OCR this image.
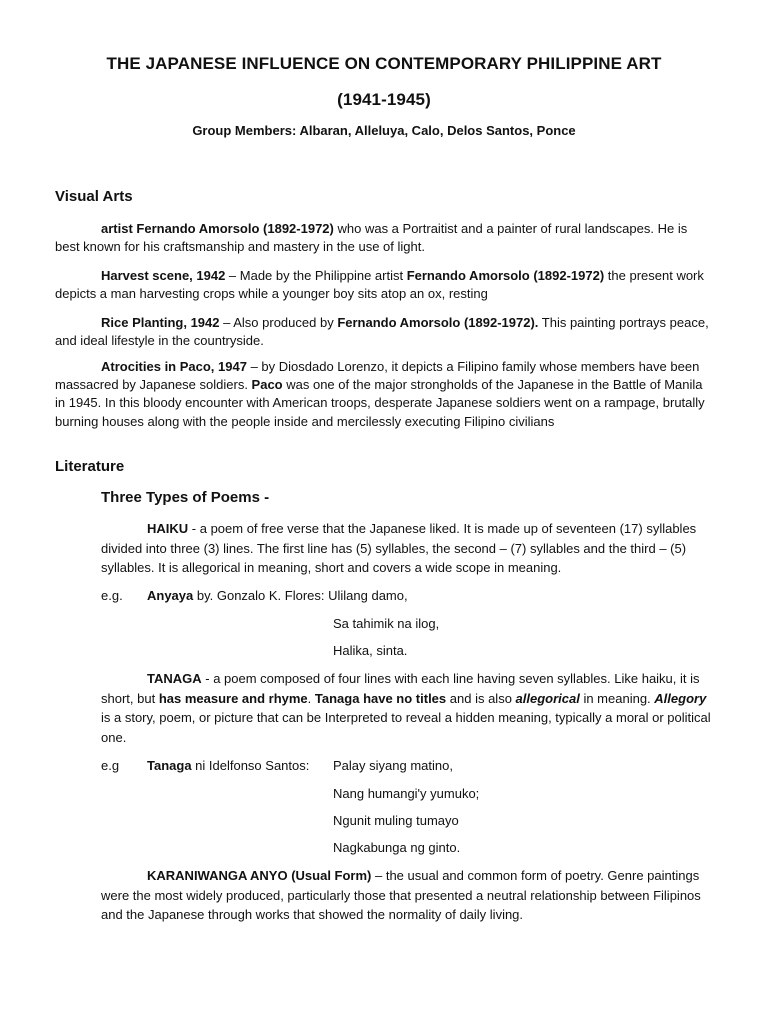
THE JAPANESE INFLUENCE ON CONTEMPORARY PHILIPPINE ART
(1941-1945)
Group Members: Albaran, Alleluya, Calo, Delos Santos, Ponce
Visual Arts
artist Fernando Amorsolo (1892-1972) who was a Portraitist and a painter of rural landscapes. He is best known for his craftsmanship and mastery in the use of light.
Harvest scene, 1942 – Made by the Philippine artist Fernando Amorsolo (1892-1972) the present work depicts a man harvesting crops while a younger boy sits atop an ox, resting
Rice Planting, 1942 – Also produced by Fernando Amorsolo (1892-1972). This painting portrays peace, and ideal lifestyle in the countryside.
Atrocities in Paco, 1947 – by Diosdado Lorenzo, it depicts a Filipino family whose members have been massacred by Japanese soldiers. Paco was one of the major strongholds of the Japanese in the Battle of Manila in 1945. In this bloody encounter with American troops, desperate Japanese soldiers went on a rampage, brutally burning houses along with the people inside and mercilessly executing Filipino civilians
Literature
Three Types of Poems -
HAIKU - a poem of free verse that the Japanese liked. It is made up of seventeen (17) syllables divided into three (3) lines. The first line has (5) syllables, the second – (7) syllables and the third – (5) syllables. It is allegorical in meaning, short and covers a wide scope in meaning.
e.g. Anyaya by. Gonzalo K. Flores: Ulilang damo,
Sa tahimik na ilog,
Halika, sinta.
TANAGA - a poem composed of four lines with each line having seven syllables. Like haiku, it is short, but has measure and rhyme. Tanaga have no titles and is also allegorical in meaning. Allegory is a story, poem, or picture that can be Interpreted to reveal a hidden meaning, typically a moral or political one.
e.g Tanaga ni Idelfonso Santos: Palay siyang matino,
Nang humangi'y yumuko;
Ngunit muling tumayo
Nagkabunga ng ginto.
KARANIWANGA ANYO (Usual Form) – the usual and common form of poetry. Genre paintings were the most widely produced, particularly those that presented a neutral relationship between Filipinos and the Japanese through works that showed the normality of daily living.
